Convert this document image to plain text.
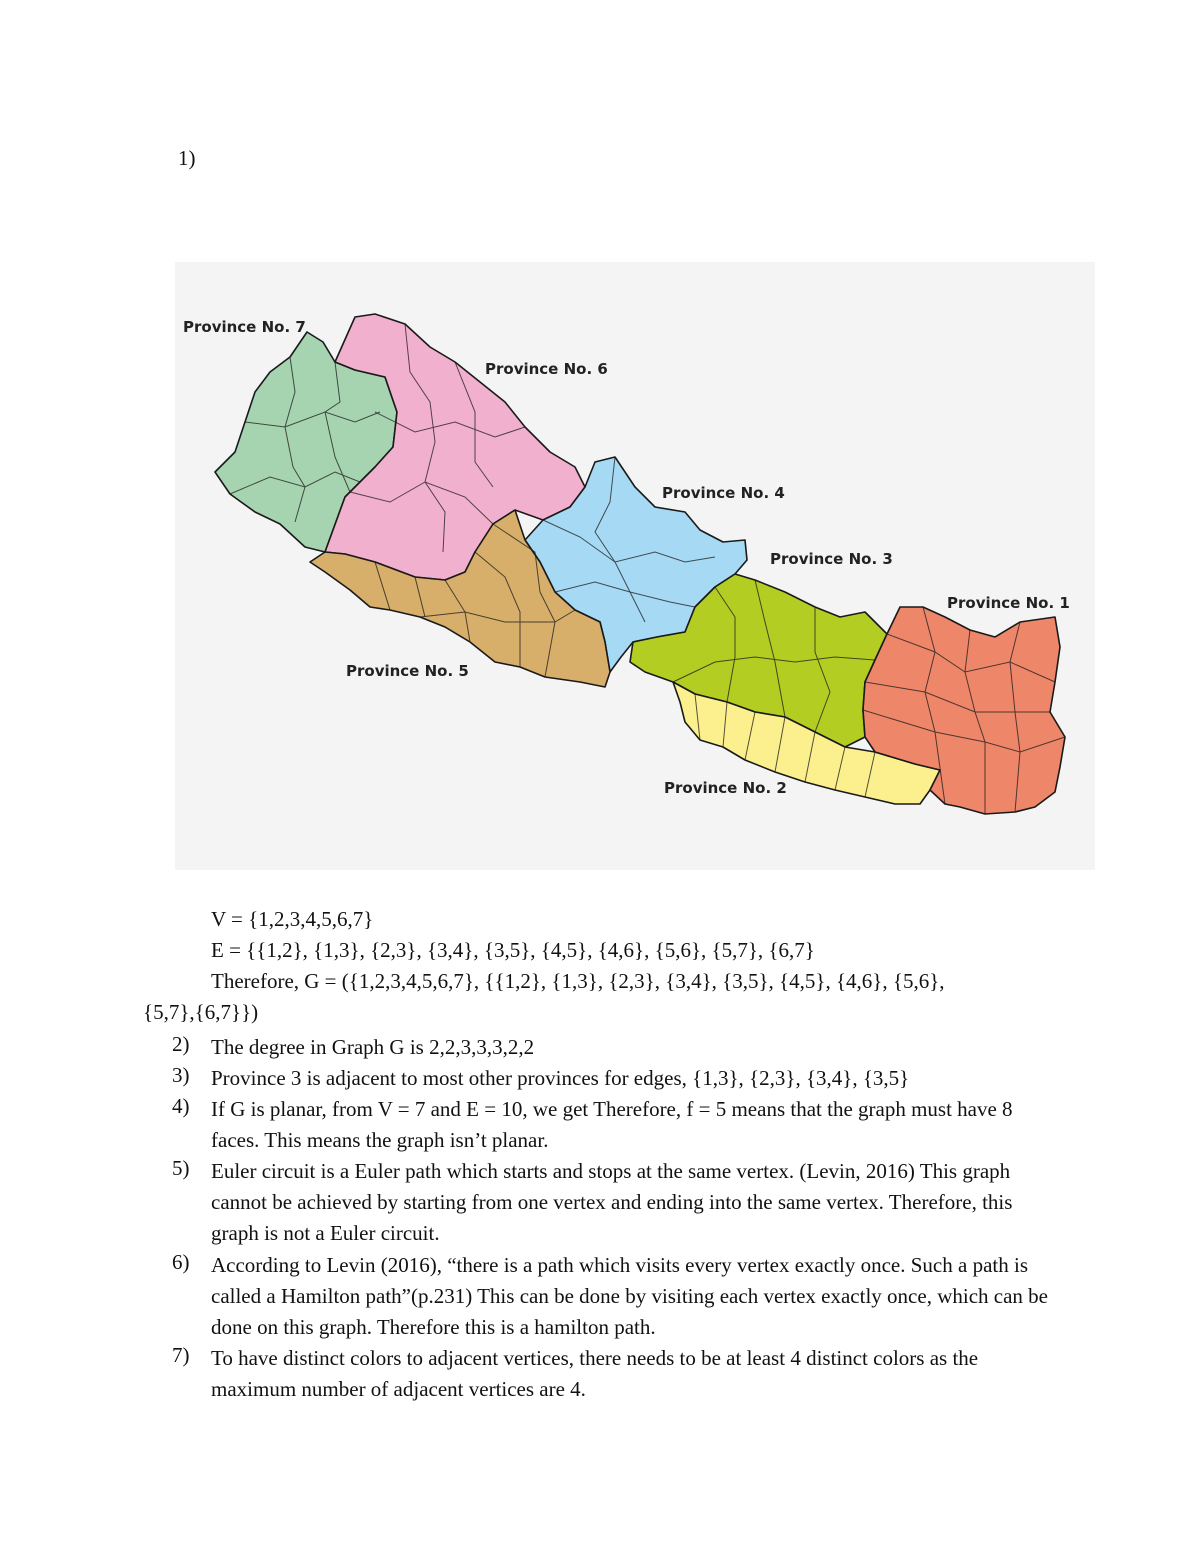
1)
Province No. 7
Province No. 6
Province No. 4
Province No. 3
Province No. 1
Province No. 5
Province No. 2
V = {1,2,3,4,5,6,7}
E = {{1,2}, {1,3}, {2,3}, {3,4}, {3,5}, {4,5}, {4,6}, {5,6}, {5,7}, {6,7}
Therefore, G = ({1,2,3,4,5,6,7}, {{1,2}, {1,3}, {2,3}, {3,4}, {3,5}, {4,5}, {4,6}, {5,6},
{5,7},{6,7}})
2) The degree in Graph G is 2,2,3,3,3,2,2
3) Province 3 is adjacent to most other provinces for edges, {1,3}, {2,3}, {3,4}, {3,5}
4) If G is planar, from V = 7 and E = 10, we get Therefore, f = 5 means that the graph must have 8 faces. This means the graph isn’t planar.
5) Euler circuit is a Euler path which starts and stops at the same vertex. (Levin, 2016) This graph cannot be achieved by starting from one vertex and ending into the same vertex. Therefore, this graph is not a Euler circuit.
6) According to Levin (2016), “there is a path which visits every vertex exactly once. Such a path is called a Hamilton path”(p.231) This can be done by visiting each vertex exactly once, which can be done on this graph. Therefore this is a hamilton path.
7) To have distinct colors to adjacent vertices, there needs to be at least 4 distinct colors as the maximum number of adjacent vertices are 4.
